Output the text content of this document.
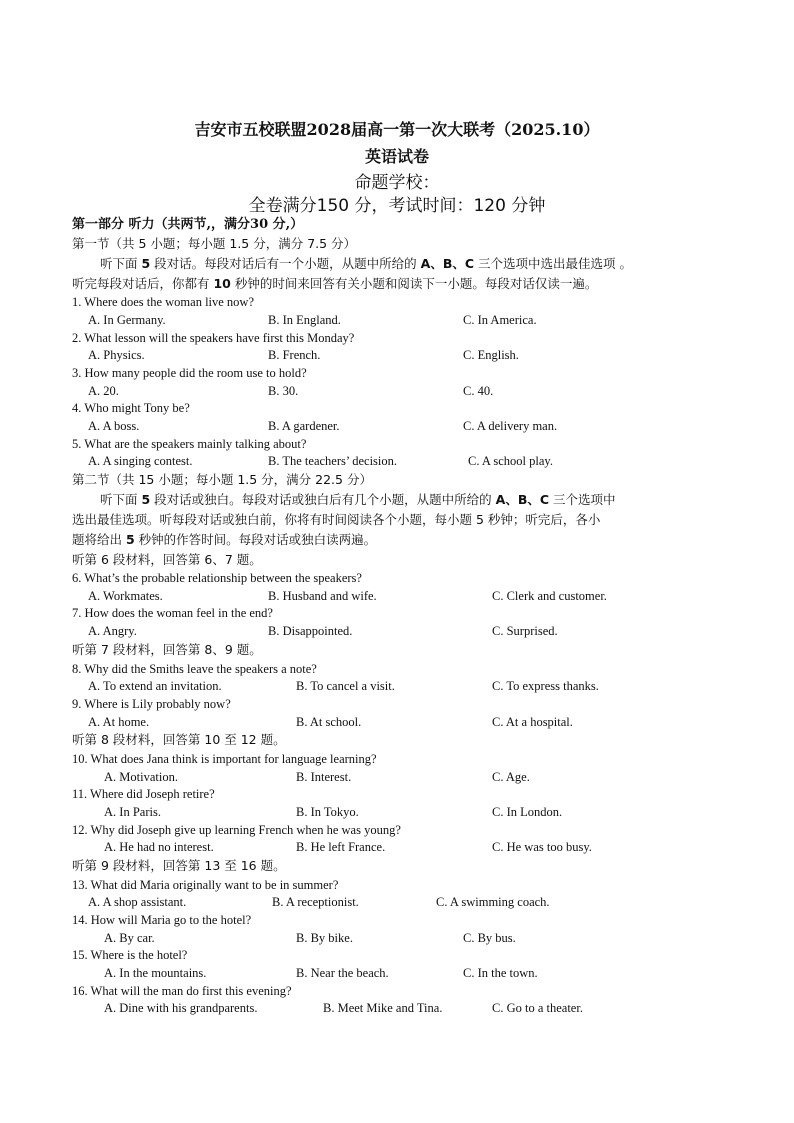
吉安市五校联盟2028届高一第一次大联考（2025.10）
英语试卷
命题学校：
全卷满分150 分，考试时间：120 分钟
第一部分 听力（共两节,，满分30 分,）
第一节（共 5 小题；每小题 1.5 分，满分 7.5 分）
听下面 5 段对话。每段对话后有一个小题，从题中所给的 A、B、C 三个选项中选出最佳选项 。
听完每段对话后，你都有 10 秒钟的时间来回答有关小题和阅读下一小题。每段对话仅读一遍。
1. Where does the woman live now?
A. In Germany.	B. In England.	C. In America.
2. What lesson will the speakers have first this Monday?
A. Physics.	B. French.	C. English.
3. How many people did the room use to hold?
A. 20.	B. 30.	C. 40.
4. Who might Tony be?
A. A boss.	B. A gardener.	C. A delivery man.
5. What are the speakers mainly talking about?
A. A singing contest.	B. The teachers’ decision.	C. A school play.
第二节（共 15 小题；每小题 1.5 分，满分 22.5 分）
听下面 5 段对话或独白。每段对话或独白后有几个小题，从题中所给的 A、B、C 三个选项中
选出最佳选项。听每段对话或独白前，你将有时间阅读各个小题，每小题 5 秒钟；听完后，各小
题将给出 5 秒钟的作答时间。每段对话或独白读两遍。
听第 6 段材料，回答第 6、7 题。
6. What’s the probable relationship between the speakers?
A. Workmates.	B. Husband and wife.	C. Clerk and customer.
7. How does the woman feel in the end?
A. Angry.	B. Disappointed.	C. Surprised.
听第 7 段材料，回答第 8、9 题。
8. Why did the Smiths leave the speakers a note?
A. To extend an invitation.	B. To cancel a visit.	C. To express thanks.
9. Where is Lily probably now?
A. At home.	B. At school.	C. At a hospital.
听第 8 段材料，回答第 10 至 12 题。
10. What does Jana think is important for language learning?
A. Motivation.	B. Interest.	C. Age.
11. Where did Joseph retire?
A. In Paris.	B. In Tokyo.	C. In London.
12. Why did Joseph give up learning French when he was young?
A. He had no interest.	B. He left France.	C. He was too busy.
听第 9 段材料，回答第 13 至 16 题。
13. What did Maria originally want to be in summer?
A. A shop assistant.	B. A receptionist.	C. A swimming coach.
14. How will Maria go to the hotel?
A. By car.	B. By bike.	C. By bus.
15. Where is the hotel?
A. In the mountains.	B. Near the beach.	C. In the town.
16. What will the man do first this evening?
A. Dine with his grandparents.	B. Meet Mike and Tina.	C. Go to a theater.
